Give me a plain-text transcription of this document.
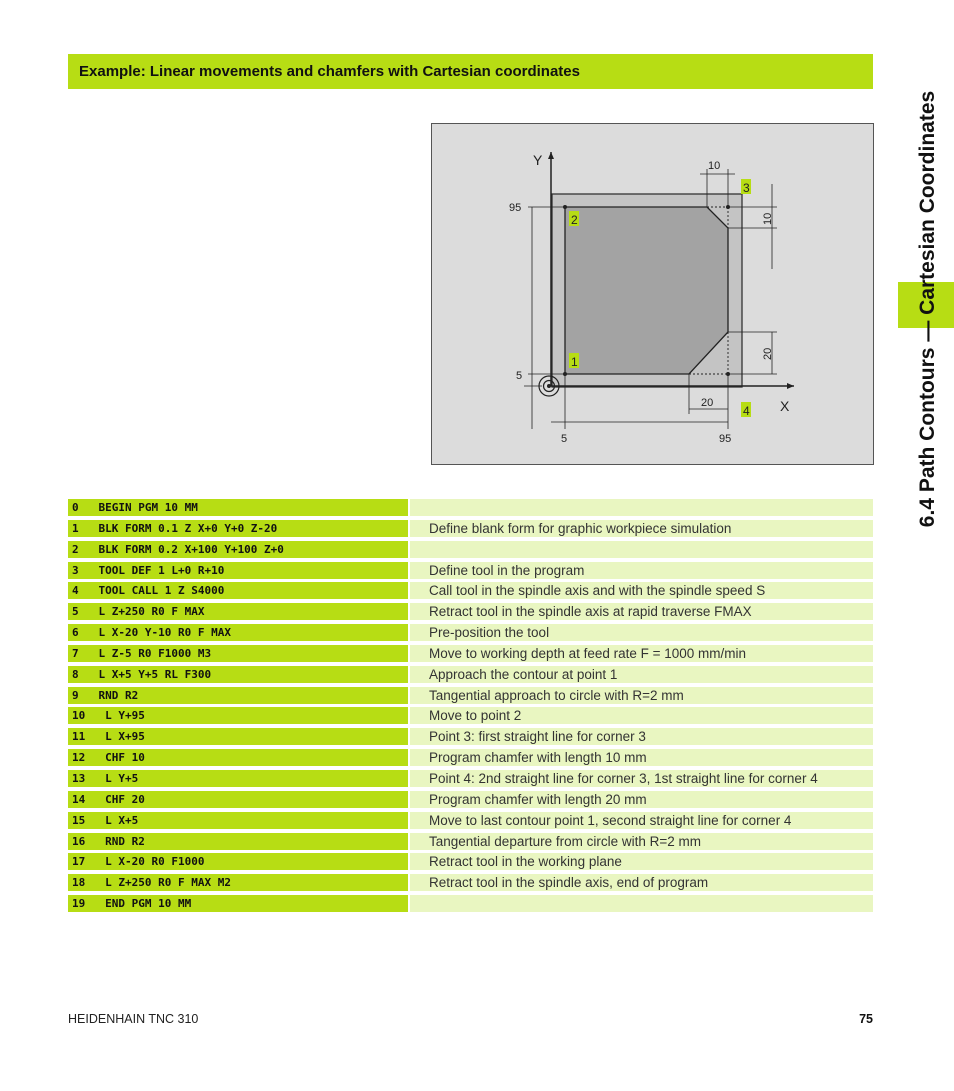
Example: Linear movements and chamfers with Cartesian coordinates
6.4 Path Contours — Cartesian Coordinates
Y
X
10
10
20
20
95
5
5	95
2
1
3
4
0   BEGIN PGM 10 MM
1   BLK FORM 0.1 Z X+0 Y+0 Z-20	Define blank form for graphic workpiece simulation
2   BLK FORM 0.2 X+100 Y+100 Z+0
3   TOOL DEF 1 L+0 R+10	Define tool in the program
4   TOOL CALL 1 Z S4000	Call tool in the spindle axis and with the spindle speed S
5   L Z+250 R0 F MAX	Retract tool in the spindle axis at rapid traverse FMAX
6   L X-20 Y-10 R0 F MAX	Pre-position the tool
7   L Z-5 R0 F1000 M3	Move to working depth at feed rate F = 1000 mm/min
8   L X+5 Y+5 RL F300	Approach the contour at point 1
9   RND R2	Tangential approach to circle with R=2 mm
10   L Y+95	Move to point 2
11   L X+95	Point 3: first straight line for corner 3
12   CHF 10	Program chamfer with length 10 mm
13   L Y+5	Point 4: 2nd straight line for corner 3, 1st straight line for corner 4
14   CHF 20	Program chamfer with length 20 mm
15   L X+5	Move to last contour point 1, second straight line for corner 4
16   RND R2	Tangential departure from circle with R=2 mm
17   L X-20 R0 F1000	Retract tool in the working plane
18   L Z+250 R0 F MAX M2	Retract tool in the spindle axis, end of program
19   END PGM 10 MM
HEIDENHAIN TNC 310	75
